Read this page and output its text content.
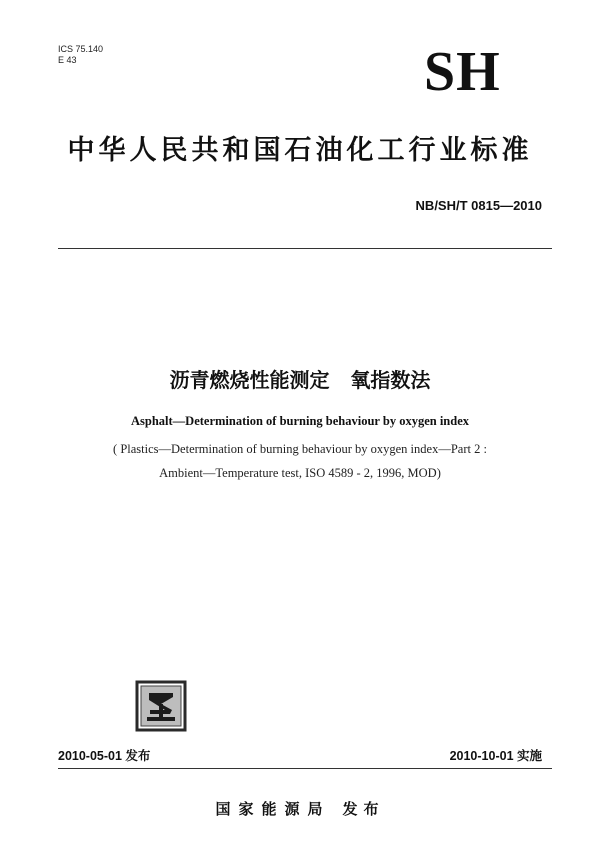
ICS 75.140
E 43	SH
中华人民共和国石油化工行业标准
NB/SH/T 0815—2010
沥青燃烧性能测定   氧指数法
Asphalt—Determination of burning behaviour by oxygen index
( Plastics—Determination of burning behaviour by oxygen index—Part 2 :
Ambient—Temperature test, ISO 4589 - 2, 1996, MOD)
2010-05-01 发布	2010-10-01 实施
国家能源局 发布
